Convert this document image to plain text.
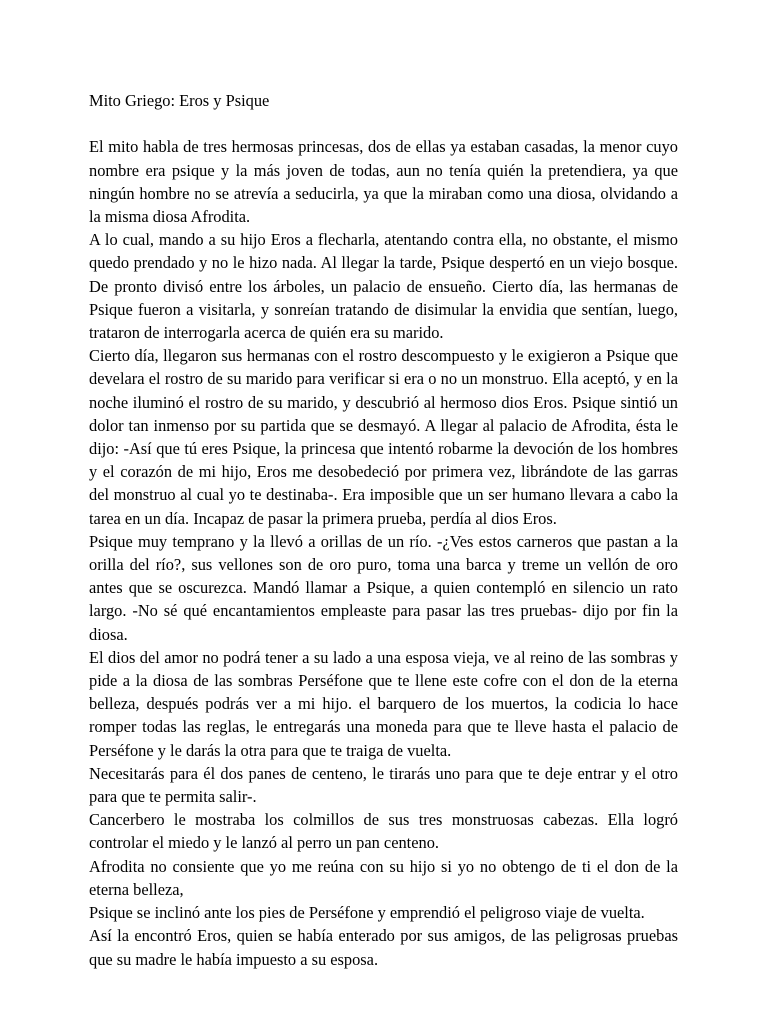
Mito Griego: Eros y Psique

El mito habla de tres hermosas princesas, dos de ellas ya estaban casadas, la menor cuyo nombre era psique y la más joven de todas, aun no tenía quién la pretendiera, ya que ningún hombre no se atrevía a seducirla, ya que la miraban como una diosa, olvidando a la misma diosa Afrodita.

A lo cual, mando a su hijo Eros a flecharla, atentando contra ella, no obstante, el mismo quedo prendado y no le hizo nada. Al llegar la tarde, Psique despertó en un viejo bosque. De pronto divisó entre los árboles, un palacio de ensueño. Cierto día, las hermanas de Psique fueron a visitarla, y sonreían tratando de disimular la envidia que sentían, luego, trataron de interrogarla acerca de quién era su marido.

Cierto día, llegaron sus hermanas con el rostro descompuesto y le exigieron a Psique que develara el rostro de su marido para verificar si era o no un monstruo. Ella aceptó, y en la noche iluminó el rostro de su marido, y descubrió al hermoso dios Eros. Psique sintió un dolor tan inmenso por su partida que se desmayó. A llegar al palacio de Afrodita, ésta le dijo: -Así que tú eres Psique, la princesa que intentó robarme la devoción de los hombres y el corazón de mi hijo, Eros me desobedeció por primera vez, librándote de las garras del monstruo al cual yo te destinaba-. Era imposible que un ser humano llevara a cabo la tarea en un día. Incapaz de pasar la primera prueba, perdía al dios Eros.

Psique muy temprano y la llevó a orillas de un río. -¿Ves estos carneros que pastan a la orilla del río?, sus vellones son de oro puro, toma una barca y treme un vellón de oro antes que se oscurezca. Mandó llamar a Psique, a quien contempló en silencio un rato largo. -No sé qué encantamientos empleaste para pasar las tres pruebas- dijo por fin la diosa.

El dios del amor no podrá tener a su lado a una esposa vieja, ve al reino de las sombras y pide a la diosa de las sombras Perséfone que te llene este cofre con el don de la eterna belleza, después podrás ver a mi hijo. el barquero de los muertos, la codicia lo hace romper todas las reglas, le entregarás una moneda para que te lleve hasta el palacio de Perséfone y le darás la otra para que te traiga de vuelta.

Necesitarás para él dos panes de centeno, le tirarás uno para que te deje entrar y el otro para que te permita salir-.

Cancerbero le mostraba los colmillos de sus tres monstruosas cabezas. Ella logró controlar el miedo y le lanzó al perro un pan centeno.

Afrodita no consiente que yo me reúna con su hijo si yo no obtengo de ti el don de la eterna belleza,

Psique se inclinó ante los pies de Perséfone y emprendió el peligroso viaje de vuelta.

Así la encontró Eros, quien se había enterado por sus amigos, de las peligrosas pruebas que su madre le había impuesto a su esposa.
